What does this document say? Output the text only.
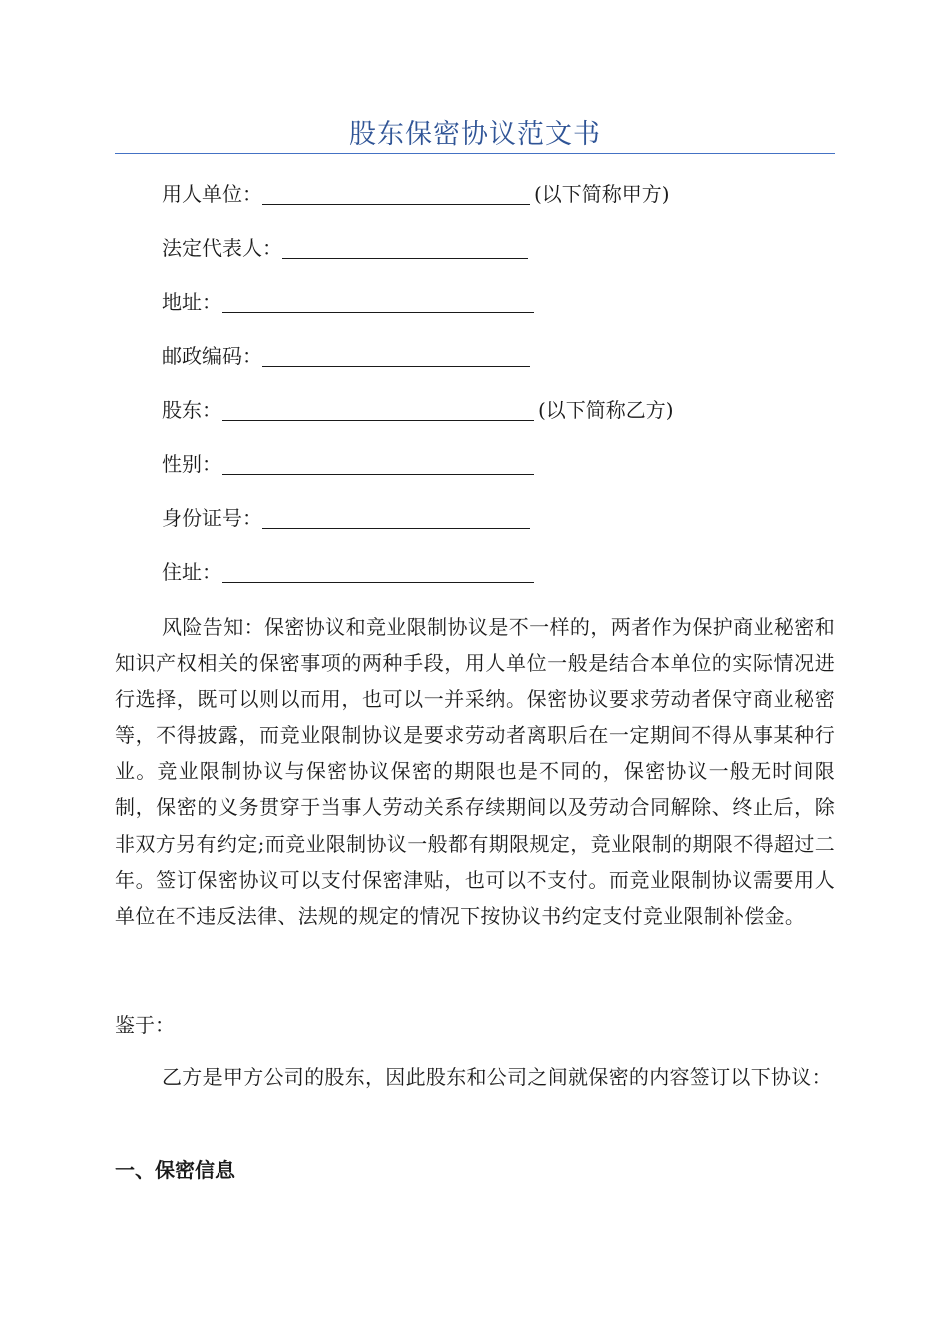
股东保密协议范文书
用人单位：	(以下简称甲方)
法定代表人：
地址：
邮政编码：
股东：	(以下简称乙方)
性别：
身份证号：
住址：
风险告知：保密协议和竞业限制协议是不一样的，两者作为保护商业秘密和知识产权相关的保密事项的两种手段，用人单位一般是结合本单位的实际情况进行选择，既可以则以而用，也可以一并采纳。保密协议要求劳动者保守商业秘密等，不得披露，而竞业限制协议是要求劳动者离职后在一定期间不得从事某种行业。竞业限制协议与保密协议保密的期限也是不同的，保密协议一般无时间限制，保密的义务贯穿于当事人劳动关系存续期间以及劳动合同解除、终止后，除非双方另有约定;而竞业限制协议一般都有期限规定，竞业限制的期限不得超过二年。签订保密协议可以支付保密津贴，也可以不支付。而竞业限制协议需要用人单位在不违反法律、法规的规定的情况下按协议书约定支付竞业限制补偿金。
鉴于：
乙方是甲方公司的股东，因此股东和公司之间就保密的内容签订以下协议：
一、保密信息
